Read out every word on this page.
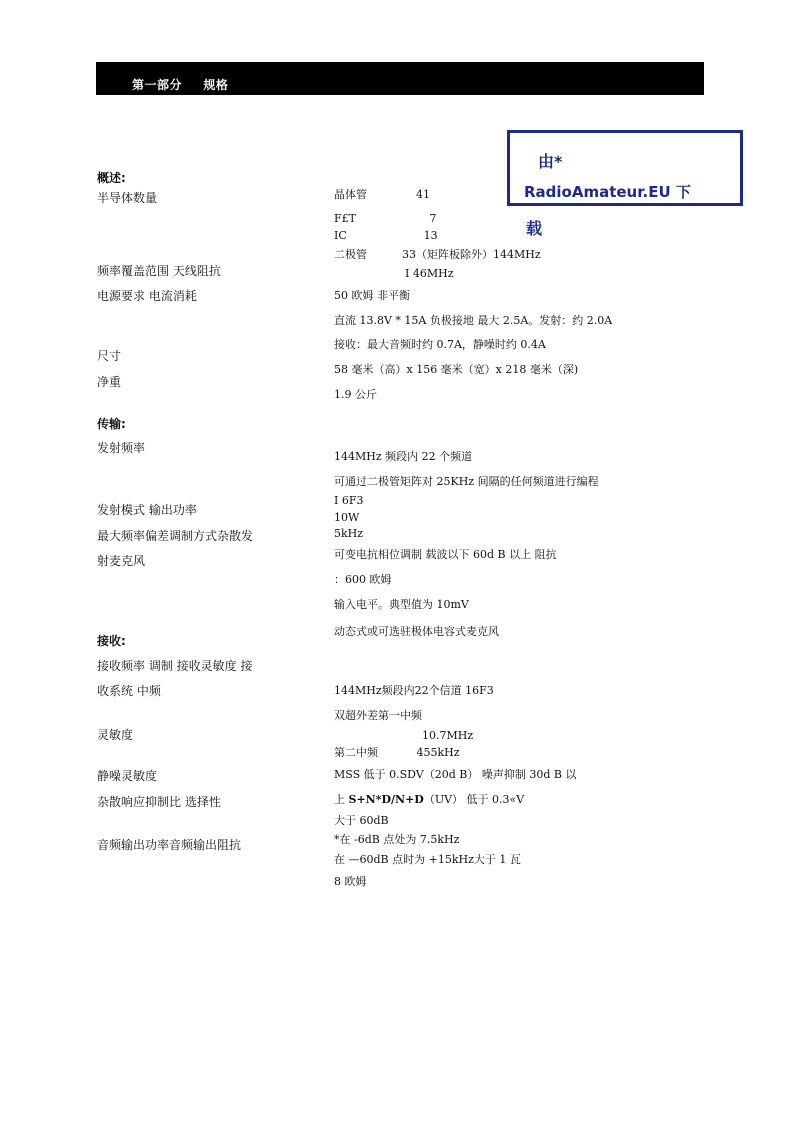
第一部分  规格
由*
RadioAmateur.EU 下
载
概述:
半导体数量
频率覆盖范围 天线阻抗
电源要求 电流消耗
尺寸
净重
传输:
发射频率
发射模式 输出功率
最大频率偏差调制方式杂散发
射麦克风
接收:
接收频率 调制 接收灵敏度 接
收系统 中频
灵敏度
静噪灵敏度
杂散响应抑制比 选择性
音频输出功率音频输出阻抗
晶体管              41
F£T                     7
IC                      13
二极管          33（矩阵板除外）144MHz
I 46MHz
50 欧姆 非平衡
直流 13.8V * 15A 负极接地 最大 2.5A。发射：约 2.0A
接收：最大音频时约 0.7A，静噪时约 0.4A
58 毫米（高）x 156 毫米（宽）x 218 毫米（深)
1.9 公斤
144MHz 频段内 22 个频道
可通过二极管矩阵对 25KHz 间隔的任何频道进行编程
I 6F3
10W
5kHz
可变电抗相位调制 载波以下 60d B 以上 阻抗
：600 欧姆
输入电平。典型值为 10mV
动态式或可选驻极体电容式麦克风
144MHz频段内22个信道 16F3
双超外差第一中频
10.7MHz
第二中频           455kHz
MSS 低于 0.SDV（20d B） 噪声抑制 30d B 以
上 S+N*D/N+D（UV） 低于 0.3«V
大于 60dB
*在 -6dB 点处为 7.5kHz
在 —60dB 点时为 +15kHz大于 1 瓦
8 欧姆
